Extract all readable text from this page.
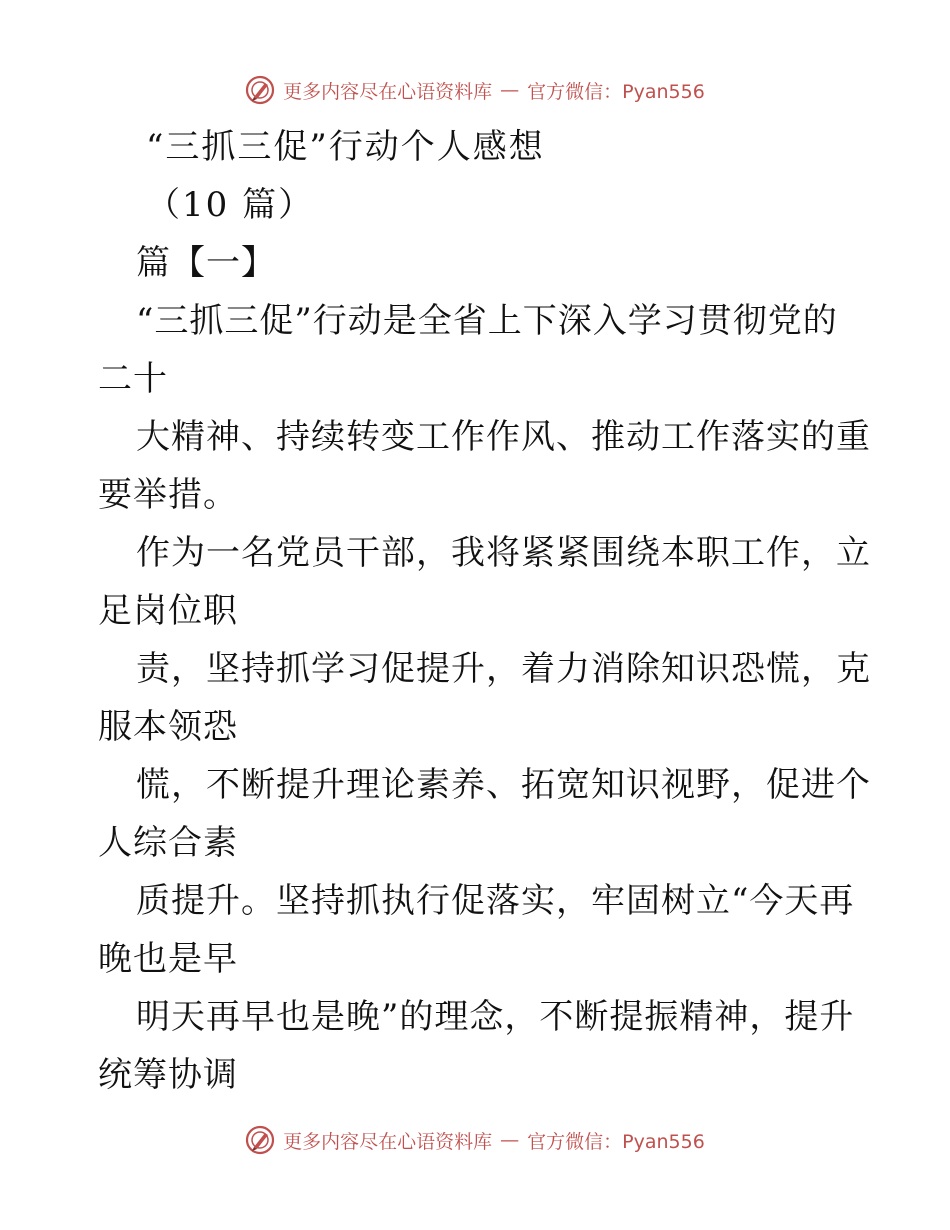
更多内容尽在心语资料库 — 官方微信：Pyan556
“三抓三促”行动个人感想
（10 篇）
篇【一】
“三抓三促”行动是全省上下深入学习贯彻党的
二十
大精神、持续转变工作作风、推动工作落实的重
要举措。
作为一名党员干部，我将紧紧围绕本职工作，立
足岗位职
责，坚持抓学习促提升，着力消除知识恐慌，克
服本领恐
慌，不断提升理论素养、拓宽知识视野，促进个
人综合素
质提升。坚持抓执行促落实，牢固树立“今天再
晚也是早
明天再早也是晚”的理念，不断提振精神，提升
统筹协调
更多内容尽在心语资料库 — 官方微信：Pyan556
